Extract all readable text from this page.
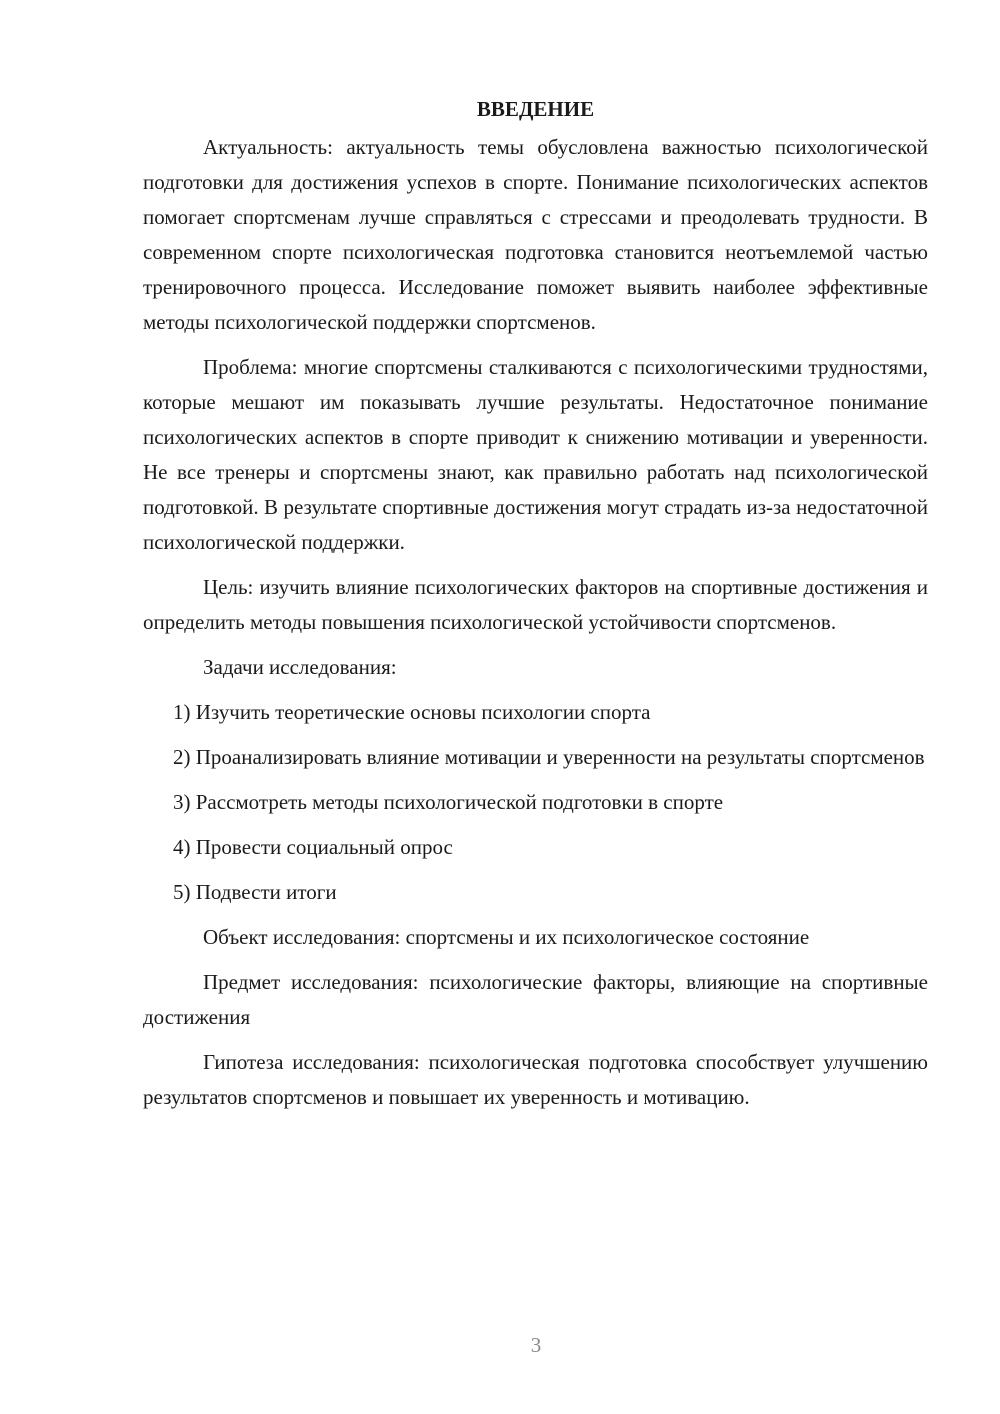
ВВЕДЕНИЕ

Актуальность: актуальность темы обусловлена важностью психологической подготовки для достижения успехов в спорте. Понимание психологических аспектов помогает спортсменам лучше справляться с стрессами и преодолевать трудности. В современном спорте психологическая подготовка становится неотъемлемой частью тренировочного процесса. Исследование поможет выявить наиболее эффективные методы психологической поддержки спортсменов.

Проблема: многие спортсмены сталкиваются с психологическими трудностями, которые мешают им показывать лучшие результаты. Недостаточное понимание психологических аспектов в спорте приводит к снижению мотивации и уверенности. Не все тренеры и спортсмены знают, как правильно работать над психологической подготовкой. В результате спортивные достижения могут страдать из-за недостаточной психологической поддержки.

Цель: изучить влияние психологических факторов на спортивные достижения и определить методы повышения психологической устойчивости спортсменов.

Задачи исследования:

1) Изучить теоретические основы психологии спорта

2) Проанализировать влияние мотивации и уверенности на результаты спортсменов

3) Рассмотреть методы психологической подготовки в спорте

4) Провести социальный опрос

5) Подвести итоги

Объект исследования: спортсмены и их психологическое состояние

Предмет исследования: психологические факторы, влияющие на спортивные достижения

Гипотеза исследования: психологическая подготовка способствует улучшению результатов спортсменов и повышает их уверенность и мотивацию.

3
